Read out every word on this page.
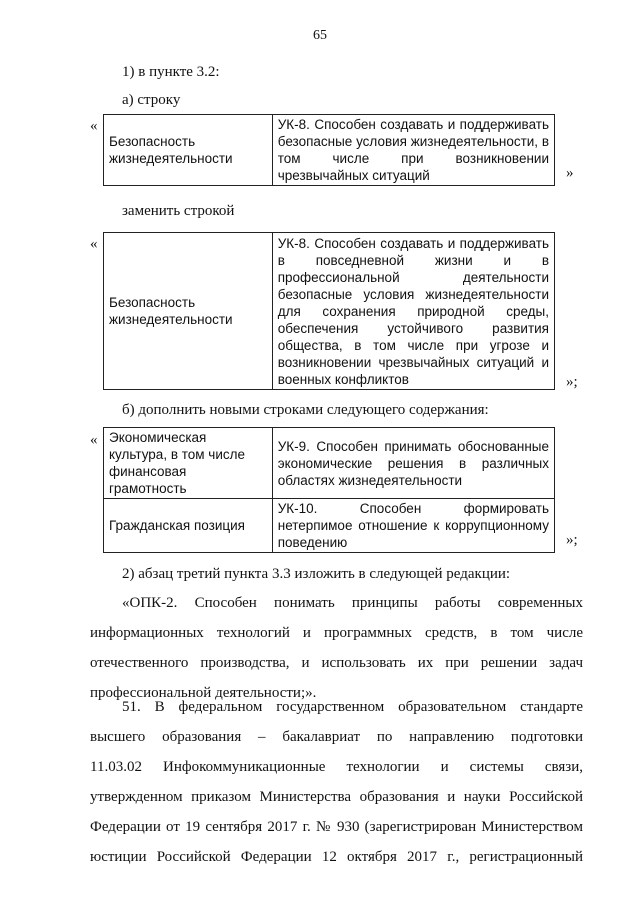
65
1) в пункте 3.2:
а) строку
«
Безопасность жизнедеятельности	УК-8. Способен создавать и поддерживать безопасные условия жизнедеятельности, в том числе при возникновении чрезвычайных ситуаций	»
заменить строкой
«
Безопасность жизнедеятельности	УК-8. Способен создавать и поддерживать в повседневной жизни и в профессиональной деятельности безопасные условия жизнедеятельности для сохранения природной среды, обеспечения устойчивого развития общества, в том числе при угрозе и возникновении чрезвычайных ситуаций и военных конфликтов	»;
б) дополнить новыми строками следующего содержания:
« Экономическая культура, в том числе финансовая грамотность	УК-9. Способен принимать обоснованные экономические решения в различных областях жизнедеятельности
Гражданская позиция	УК-10. Способен формировать нетерпимое отношение к коррупционному поведению	»;
2) абзац третий пункта 3.3 изложить в следующей редакции:
«ОПК-2. Способен понимать принципы работы современных
информационных технологий и программных средств, в том числе
отечественного производства, и использовать их при решении задач
профессиональной деятельности;».
51. В федеральном государственном образовательном стандарте
высшего образования – бакалавриат по направлению подготовки
11.03.02 Инфокоммуникационные технологии и системы связи,
утвержденном приказом Министерства образования и науки Российской
Федерации от 19 сентября 2017 г. № 930 (зарегистрирован Министерством
юстиции Российской Федерации 12 октября 2017 г., регистрационный
